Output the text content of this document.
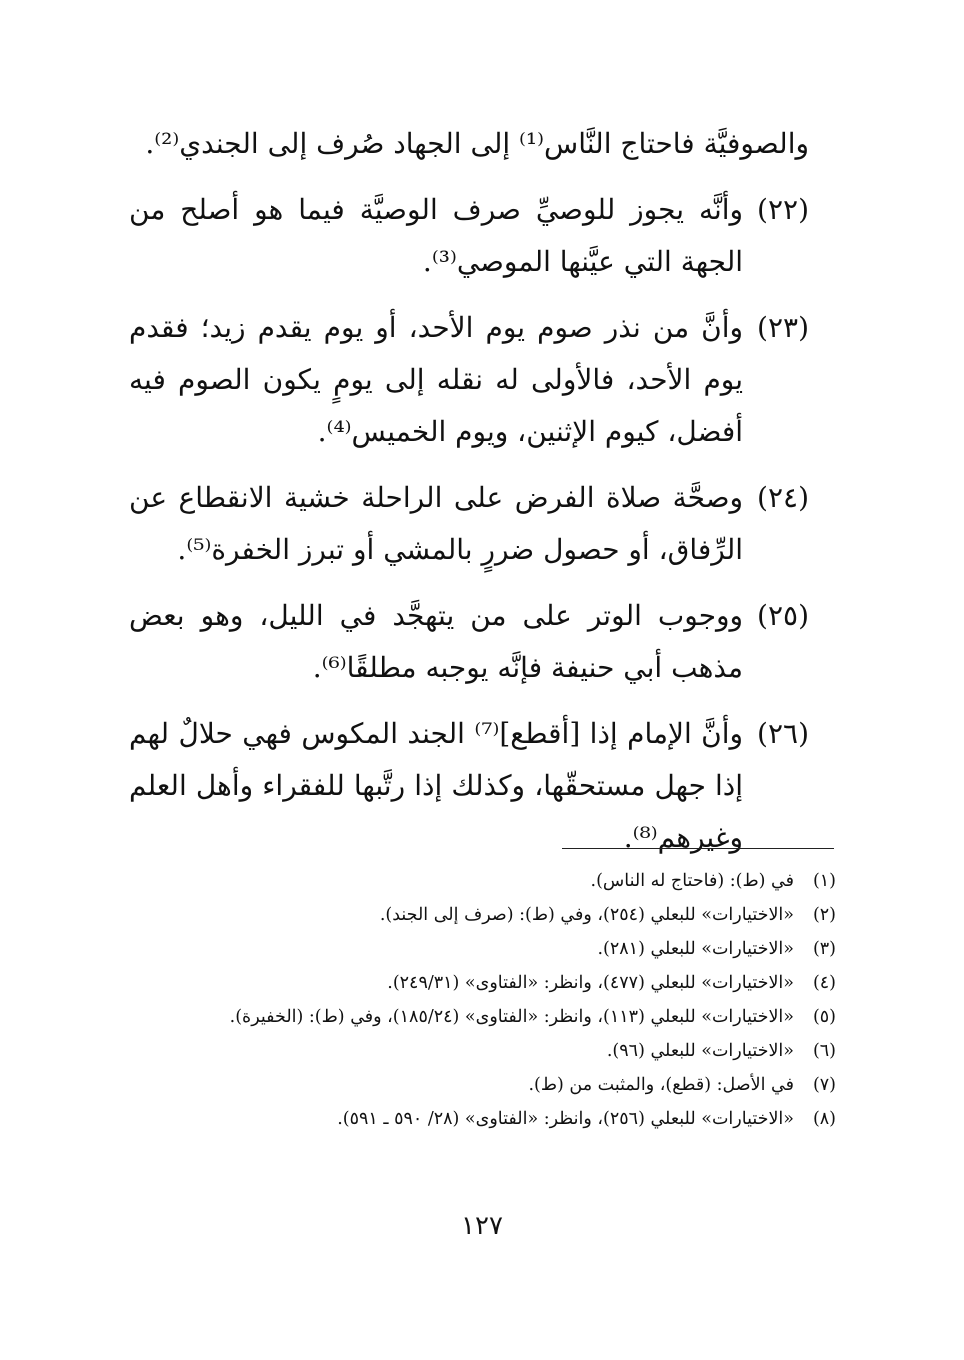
والصوفيَّة فاحتاج النَّاس⁽¹⁾ إلى الجهاد صُرف إلى الجندي⁽²⁾.
(٢٢)
وأنَّه يجوز للوصيِّ صرف الوصيَّة فيما هو أصلح من الجهة التي عيَّنها الموصي⁽³⁾.
(٢٣)
وأنَّ من نذر صوم يوم الأحد، أو يوم يقدم زيد؛ فقدم يوم الأحد، فالأولى له نقله إلى يومٍ يكون الصوم فيه أفضل، كيوم الإثنين، ويوم الخميس⁽⁴⁾.
(٢٤)
وصحَّة صلاة الفرض على الراحلة خشية الانقطاع عن الرِّفاق، أو حصول ضررٍ بالمشي أو تبرز الخفرة⁽⁵⁾.
(٢٥)
ووجوب الوتر على من يتهجَّد في الليل، وهو بعض مذهب أبي حنيفة فإنَّه يوجبه مطلقًا⁽⁶⁾.
(٢٦)
وأنَّ الإمام إذا [أقطع]⁽⁷⁾ الجند المكوس فهي حلالٌ لهم إذا جهل مستحقّها، وكذلك إذا رتَّبها للفقراء وأهل العلم وغيرهم⁽⁸⁾.
(١)
في (ط): (فاحتاج له الناس).
(٢)
«الاختيارات» للبعلي (٢٥٤)، وفي (ط): (صرف إلى الجند).
(٣)
«الاختيارات» للبعلي (٢٨١).
(٤)
«الاختيارات» للبعلي (٤٧٧)، وانظر: «الفتاوى» (٢٤٩/٣١).
(٥)
«الاختيارات» للبعلي (١١٣)، وانظر: «الفتاوى» (١٨٥/٢٤)، وفي (ط): (الخفيرة).
(٦)
«الاختيارات» للبعلي (٩٦).
(٧)
في الأصل: (قطع)، والمثبت من (ط).
(٨)
«الاختيارات» للبعلي (٢٥٦)، وانظر: «الفتاوى» (٢٨/ ٥٩٠ ـ ٥٩١).
١٢٧
